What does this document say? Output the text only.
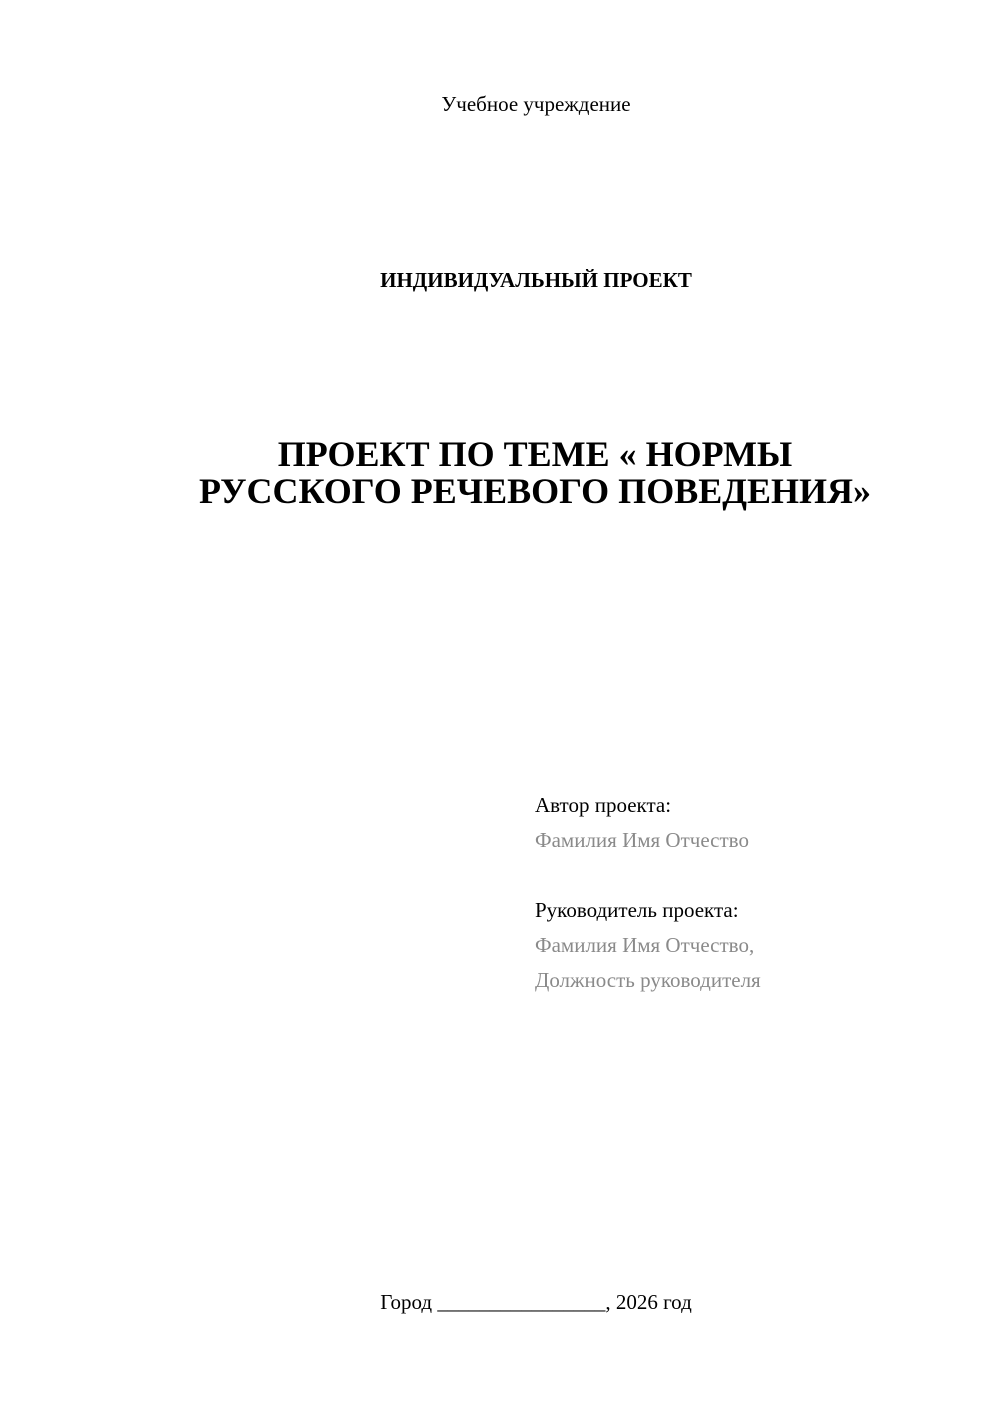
Учебное учреждение
ИНДИВИДУАЛЬНЫЙ ПРОЕКТ
ПРОЕКТ ПО ТЕМЕ « НОРМЫ
РУССКОГО РЕЧЕВОГО ПОВЕДЕНИЯ»
Автор проекта:
Фамилия Имя Отчество
Руководитель проекта:
Фамилия Имя Отчество,
Должность руководителя
Город ________________, 2026 год
